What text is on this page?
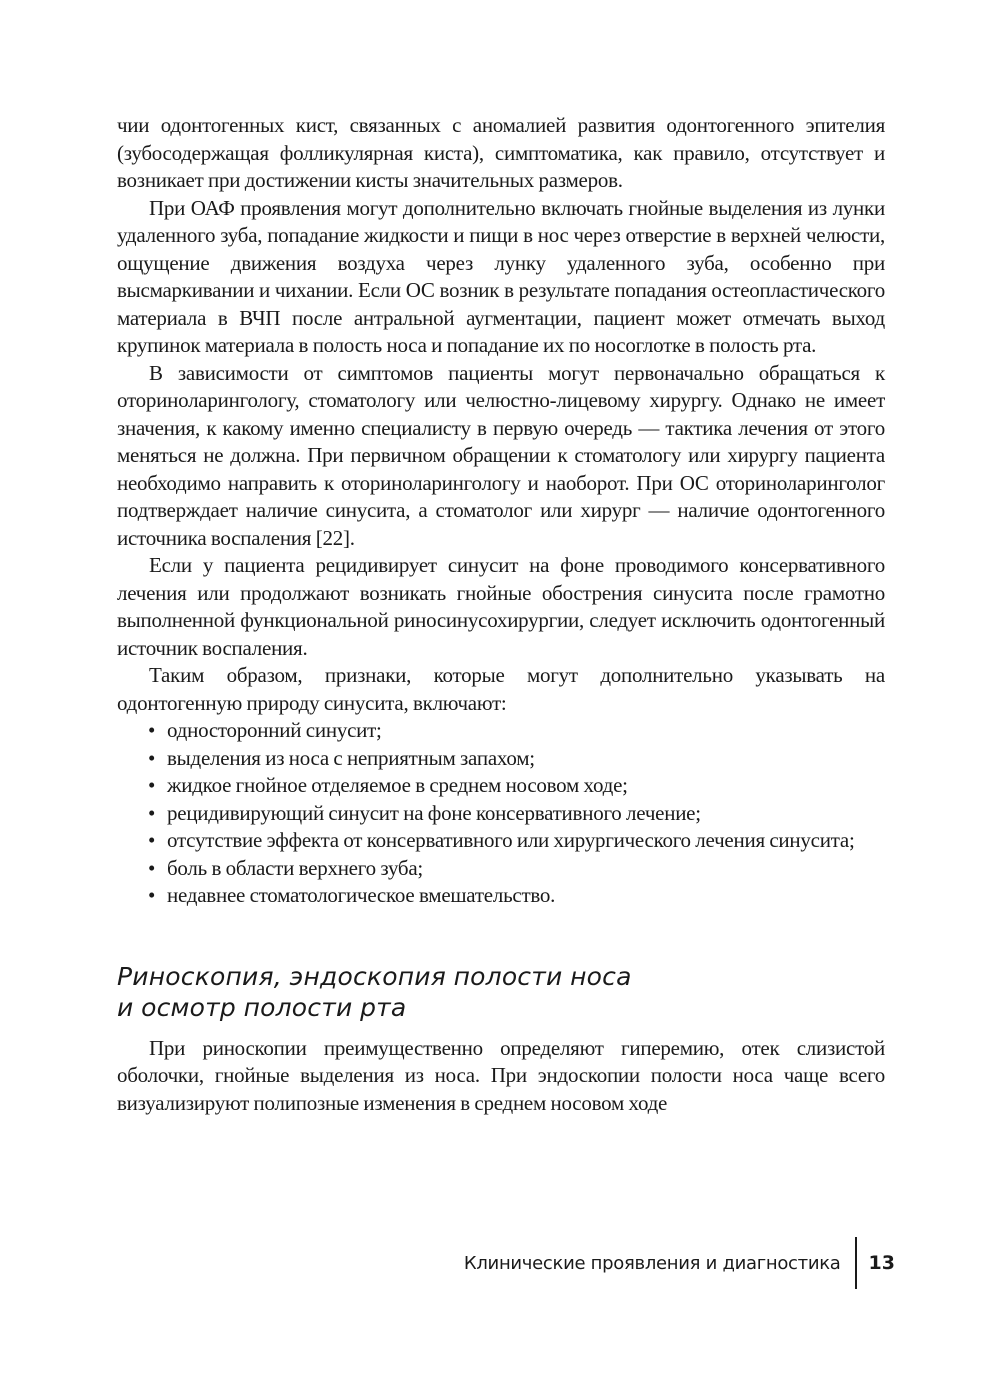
чии одонтогенных кист, связанных с аномалией развития одонтогенного эпителия (зубосодержащая фолликулярная киста), симптоматика, как правило, отсутствует и возникает при достижении кисты значительных размеров.

При ОАФ проявления могут дополнительно включать гнойные выделения из лунки удаленного зуба, попадание жидкости и пищи в нос через отверстие в верхней челюсти, ощущение движения воздуха через лунку удаленного зуба, особенно при высмаркивании и чихании. Если ОС возник в результате попадания остеопластического материала в ВЧП после антральной аугментации, пациент может отмечать выход крупинок материала в полость носа и попадание их по носоглотке в полость рта.

В зависимости от симптомов пациенты могут первоначально обращаться к оториноларингологу, стоматологу или челюстно-лицевому хирургу. Однако не имеет значения, к какому именно специалисту в первую очередь — тактика лечения от этого меняться не должна. При первичном обращении к стоматологу или хирургу пациента необходимо направить к оториноларингологу и наоборот. При ОС оториноларинголог подтверждает наличие синусита, а стоматолог или хирург — наличие одонтогенного источника воспаления [22].

Если у пациента рецидивирует синусит на фоне проводимого консервативного лечения или продолжают возникать гнойные обострения синусита после грамотно выполненной функциональной риносинусохирургии, следует исключить одонтогенный источник воспаления.

Таким образом, признаки, которые могут дополнительно указывать на одонтогенную природу синусита, включают:

• односторонний синусит;
• выделения из носа с неприятным запахом;
• жидкое гнойное отделяемое в среднем носовом ходе;
• рецидивирующий синусит на фоне консервативного лечение;
• отсутствие эффекта от консервативного или хирургического лечения синусита;
• боль в области верхнего зуба;
• недавнее стоматологическое вмешательство.
Риноскопия, эндоскопия полости носа
и осмотр полости рта

При риноскопии преимущественно определяют гиперемию, отек слизистой оболочки, гнойные выделения из носа. При эндоскопии полости носа чаще всего визуализируют полипозные изменения в среднем носовом ходе

Клинические проявления и диагностика	13
